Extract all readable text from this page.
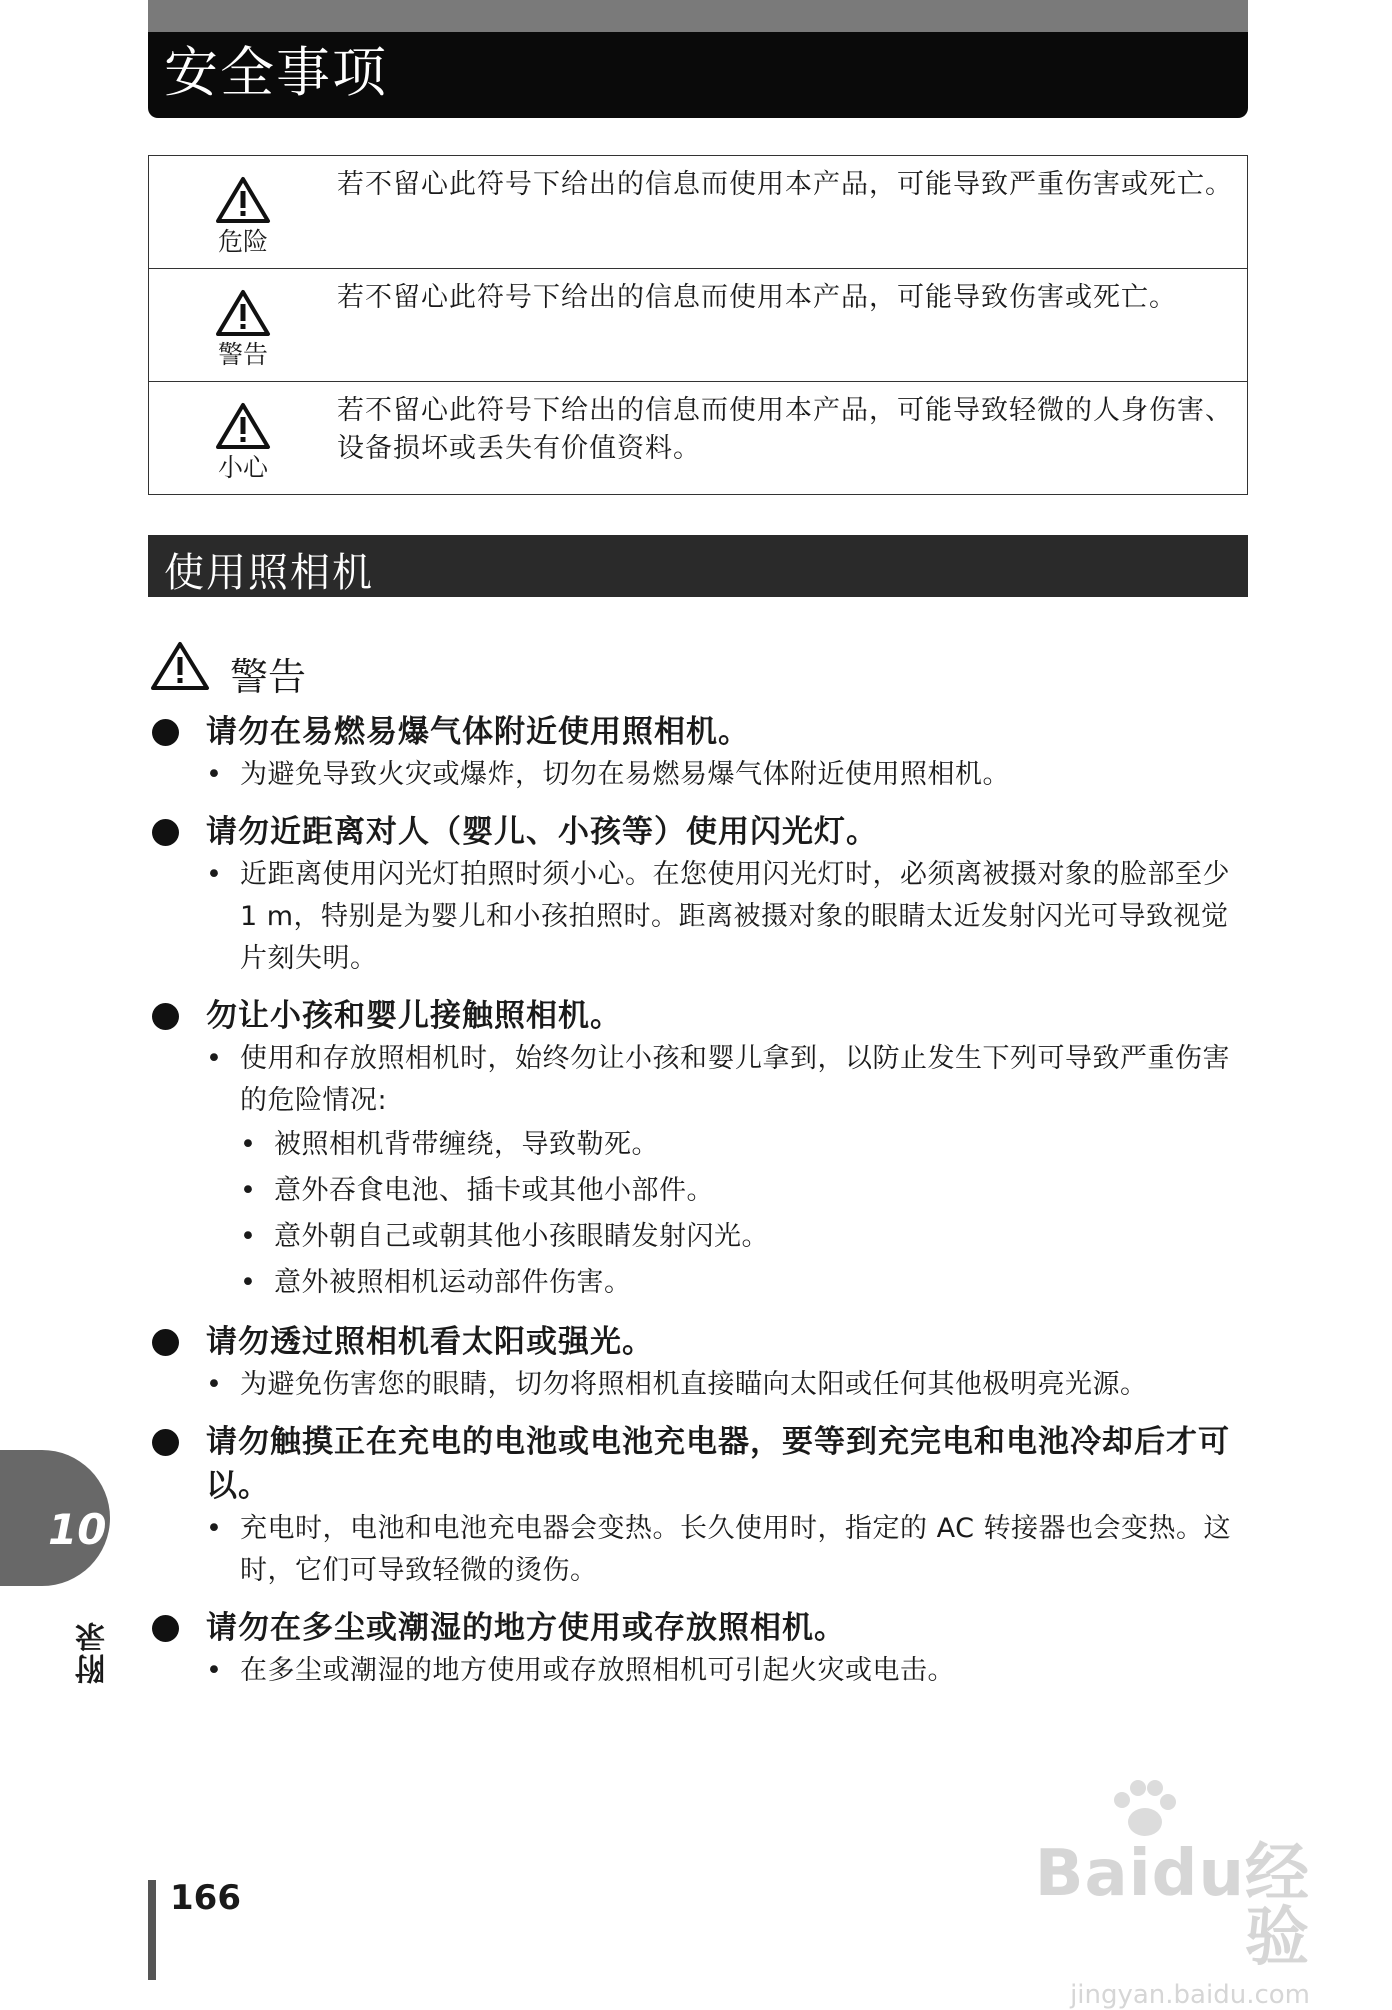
安全事项
危险	若不留心此符号下给出的信息而使用本产品，可能导致严重伤害或死亡。

警告	若不留心此符号下给出的信息而使用本产品，可能导致伤害或死亡。

小心	若不留心此符号下给出的信息而使用本产品，可能导致轻微的人身伤害、设备损坏或丢失有价值资料。
使用照相机
警告
请勿在易燃易爆气体附近使用照相机。
• 为避免导致火灾或爆炸，切勿在易燃易爆气体附近使用照相机。
请勿近距离对人（婴儿、小孩等）使用闪光灯。
• 近距离使用闪光灯拍照时须小心。在您使用闪光灯时，必须离被摄对象的脸部至少 1 m，特别是为婴儿和小孩拍照时。距离被摄对象的眼睛太近发射闪光可导致视觉片刻失明。
勿让小孩和婴儿接触照相机。
• 使用和存放照相机时，始终勿让小孩和婴儿拿到，以防止发生下列可导致严重伤害的危险情况:
• 被照相机背带缠绕，导致勒死。
• 意外吞食电池、插卡或其他小部件。
• 意外朝自己或朝其他小孩眼睛发射闪光。
• 意外被照相机运动部件伤害。
请勿透过照相机看太阳或强光。
• 为避免伤害您的眼睛，切勿将照相机直接瞄向太阳或任何其他极明亮光源。
请勿触摸正在充电的电池或电池充电器，要等到充完电和电池冷却后才可以。
• 充电时，电池和电池充电器会变热。长久使用时，指定的 AC 转接器也会变热。这时，它们可导致轻微的烫伤。
请勿在多尘或潮湿的地方使用或存放照相机。
• 在多尘或潮湿的地方使用或存放照相机可引起火灾或电击。
10
附录
166	Baidu经验
jingyan.baidu.com
